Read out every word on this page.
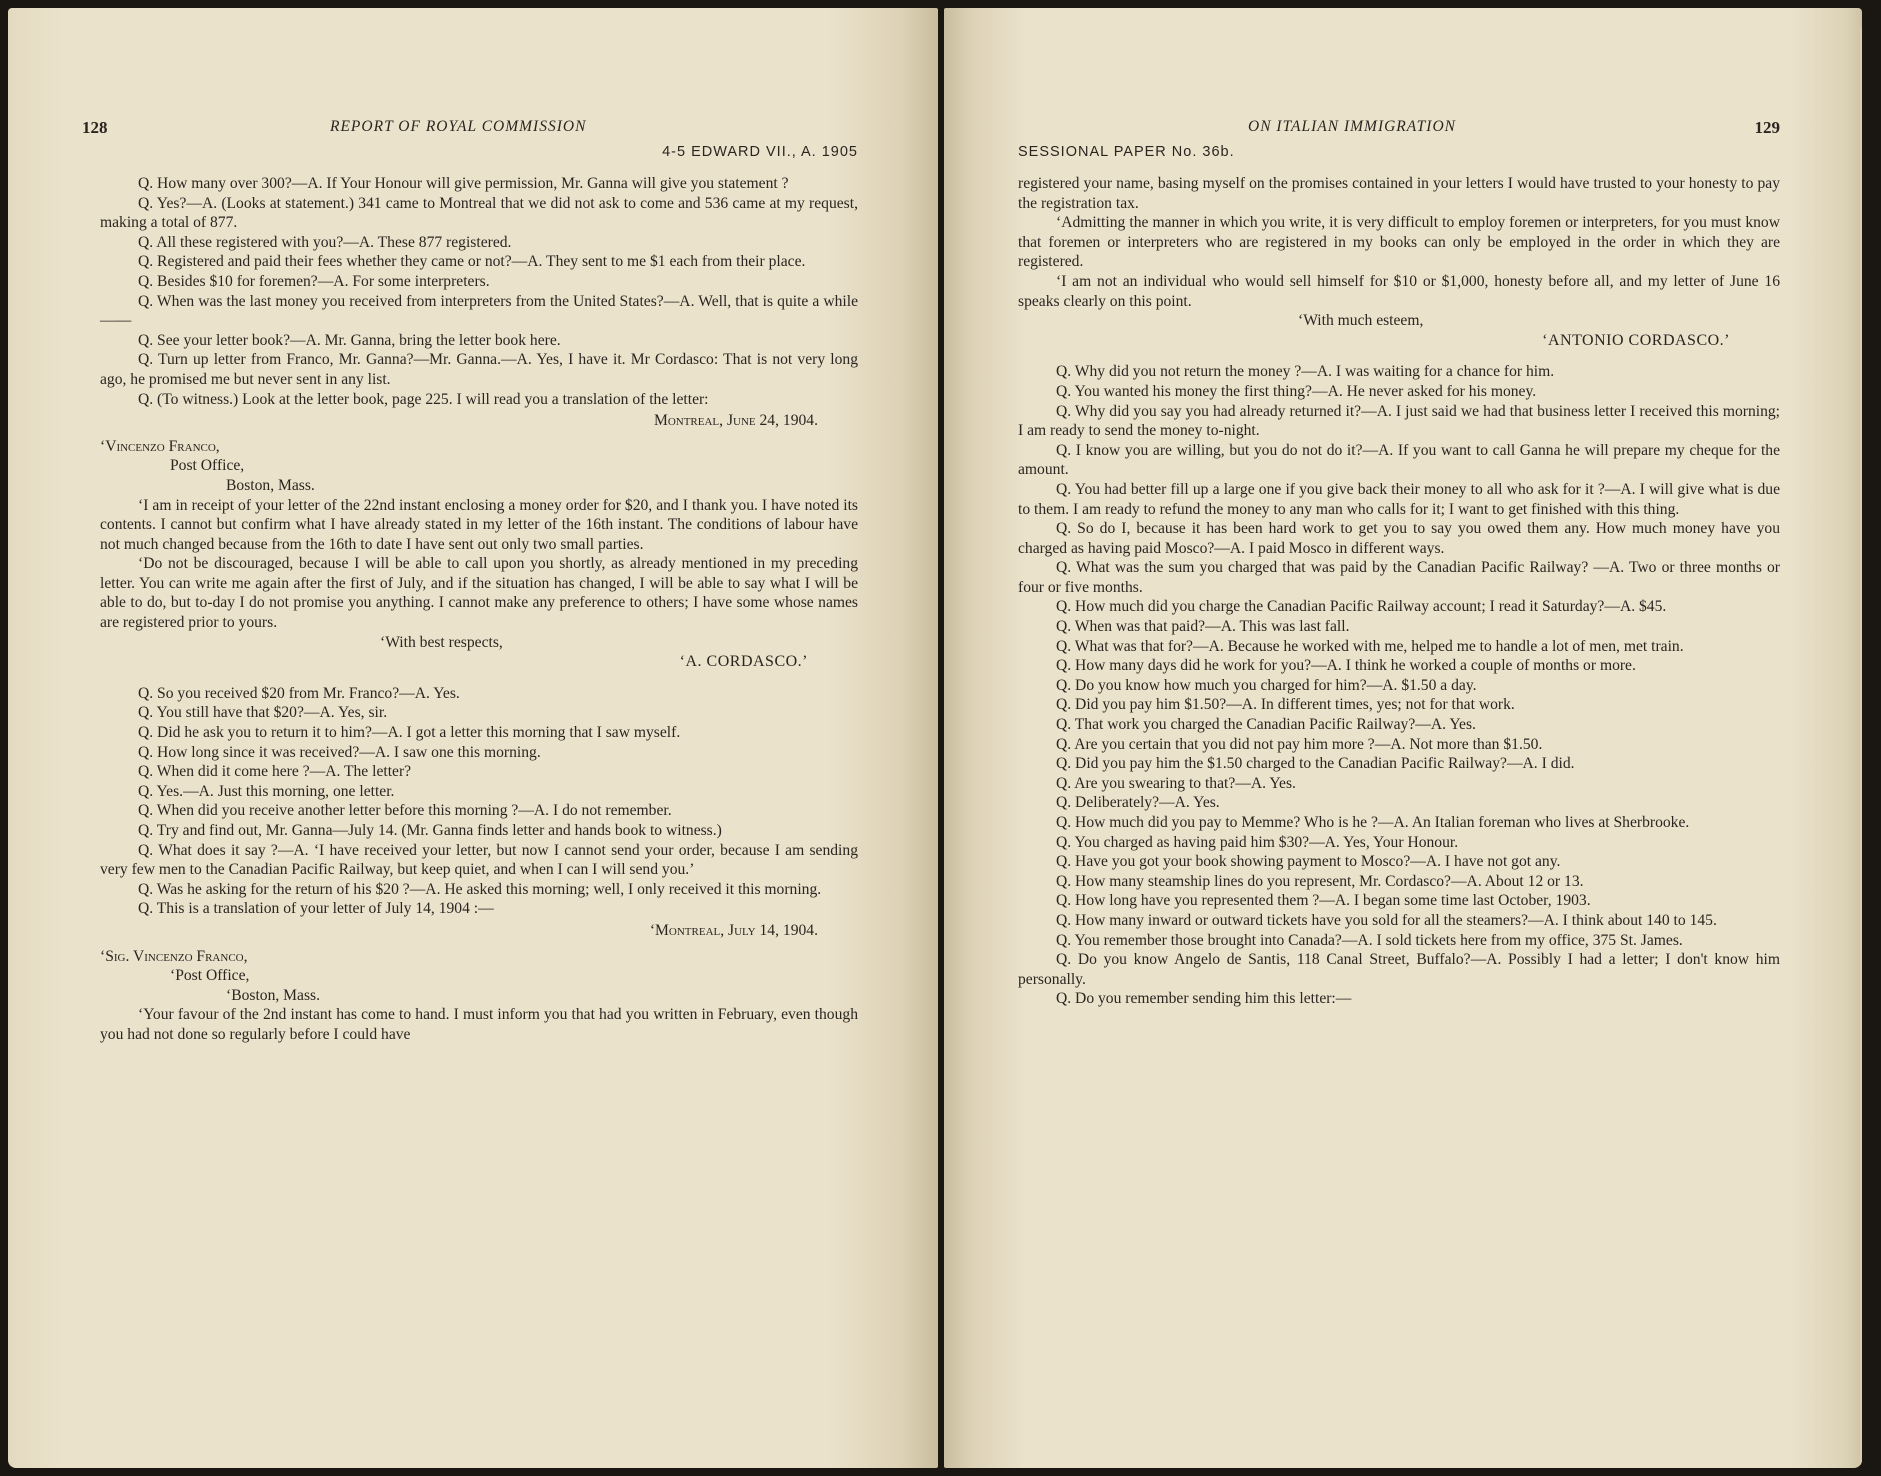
128	REPORT OF ROYAL COMMISSION
4-5 EDWARD VII., A. 1905

Q. How many over 300?—A. If Your Honour will give permission, Mr. Ganna will give you statement ?

Q. Yes?—A. (Looks at statement.) 341 came to Montreal that we did not ask to come and 536 came at my request, making a total of 877.

Q. All these registered with you?—A. These 877 registered.

Q. Registered and paid their fees whether they came or not?—A. They sent to me $1 each from their place.

Q. Besides $10 for foremen?—A. For some interpreters.

Q. When was the last money you received from interpreters from the United States?—A. Well, that is quite a while——

Q. See your letter book?—A. Mr. Ganna, bring the letter book here.

Q. Turn up letter from Franco, Mr. Ganna?—Mr. Ganna.—A. Yes, I have it. Mr Cordasco: That is not very long ago, he promised me but never sent in any list.

Q. (To witness.) Look at the letter book, page 225. I will read you a translation of the letter:

Montreal, June 24, 1904.

‘Vincenzo Franco,

Post Office,

Boston, Mass.

‘I am in receipt of your letter of the 22nd instant enclosing a money order for $20, and I thank you. I have noted its contents. I cannot but confirm what I have already stated in my letter of the 16th instant. The conditions of labour have not much changed because from the 16th to date I have sent out only two small parties.

‘Do not be discouraged, because I will be able to call upon you shortly, as already mentioned in my preceding letter. You can write me again after the first of July, and if the situation has changed, I will be able to say what I will be able to do, but to-day I do not promise you anything. I cannot make any preference to others; I have some whose names are registered prior to yours.

‘With best respects,

‘A. CORDASCO.’

Q. So you received $20 from Mr. Franco?—A. Yes.

Q. You still have that $20?—A. Yes, sir.

Q. Did he ask you to return it to him?—A. I got a letter this morning that I saw myself.

Q. How long since it was received?—A. I saw one this morning.

Q. When did it come here ?—A. The letter?

Q. Yes.—A. Just this morning, one letter.

Q. When did you receive another letter before this morning ?—A. I do not remember.

Q. Try and find out, Mr. Ganna—July 14. (Mr. Ganna finds letter and hands book to witness.)

Q. What does it say ?—A. ‘I have received your letter, but now I cannot send your order, because I am sending very few men to the Canadian Pacific Railway, but keep quiet, and when I can I will send you.’

Q. Was he asking for the return of his $20 ?—A. He asked this morning; well, I only received it this morning.

Q. This is a translation of your letter of July 14, 1904 :—

‘Montreal, July 14, 1904.

‘Sig. Vincenzo Franco,

‘Post Office,

‘Boston, Mass.

‘Your favour of the 2nd instant has come to hand. I must inform you that had you written in February, even though you had not done so regularly before I could have

ON ITALIAN IMMIGRATION	129
SESSIONAL PAPER No. 36b.

registered your name, basing myself on the promises contained in your letters I would have trusted to your honesty to pay the registration tax.

‘Admitting the manner in which you write, it is very difficult to employ foremen or interpreters, for you must know that foremen or interpreters who are registered in my books can only be employed in the order in which they are registered.

‘I am not an individual who would sell himself for $10 or $1,000, honesty before all, and my letter of June 16 speaks clearly on this point.

‘With much esteem,

‘ANTONIO CORDASCO.’

Q. Why did you not return the money ?—A. I was waiting for a chance for him.

Q. You wanted his money the first thing?—A. He never asked for his money.

Q. Why did you say you had already returned it?—A. I just said we had that business letter I received this morning; I am ready to send the money to-night.

Q. I know you are willing, but you do not do it?—A. If you want to call Ganna he will prepare my cheque for the amount.

Q. You had better fill up a large one if you give back their money to all who ask for it ?—A. I will give what is due to them. I am ready to refund the money to any man who calls for it; I want to get finished with this thing.

Q. So do I, because it has been hard work to get you to say you owed them any. How much money have you charged as having paid Mosco?—A. I paid Mosco in different ways.

Q. What was the sum you charged that was paid by the Canadian Pacific Railway? —A. Two or three months or four or five months.

Q. How much did you charge the Canadian Pacific Railway account; I read it Saturday?—A. $45.

Q. When was that paid?—A. This was last fall.

Q. What was that for?—A. Because he worked with me, helped me to handle a lot of men, met train.

Q. How many days did he work for you?—A. I think he worked a couple of months or more.

Q. Do you know how much you charged for him?—A. $1.50 a day.

Q. Did you pay him $1.50?—A. In different times, yes; not for that work.

Q. That work you charged the Canadian Pacific Railway?—A. Yes.

Q. Are you certain that you did not pay him more ?—A. Not more than $1.50.

Q. Did you pay him the $1.50 charged to the Canadian Pacific Railway?—A. I did.

Q. Are you swearing to that?—A. Yes.

Q. Deliberately?—A. Yes.

Q. How much did you pay to Memme? Who is he ?—A. An Italian foreman who lives at Sherbrooke.

Q. You charged as having paid him $30?—A. Yes, Your Honour.

Q. Have you got your book showing payment to Mosco?—A. I have not got any.

Q. How many steamship lines do you represent, Mr. Cordasco?—A. About 12 or 13.

Q. How long have you represented them ?—A. I began some time last October, 1903.

Q. How many inward or outward tickets have you sold for all the steamers?—A. I think about 140 to 145.

Q. You remember those brought into Canada?—A. I sold tickets here from my office, 375 St. James.

Q. Do you know Angelo de Santis, 118 Canal Street, Buffalo?—A. Possibly I had a letter; I don't know him personally.

Q. Do you remember sending him this letter:—
